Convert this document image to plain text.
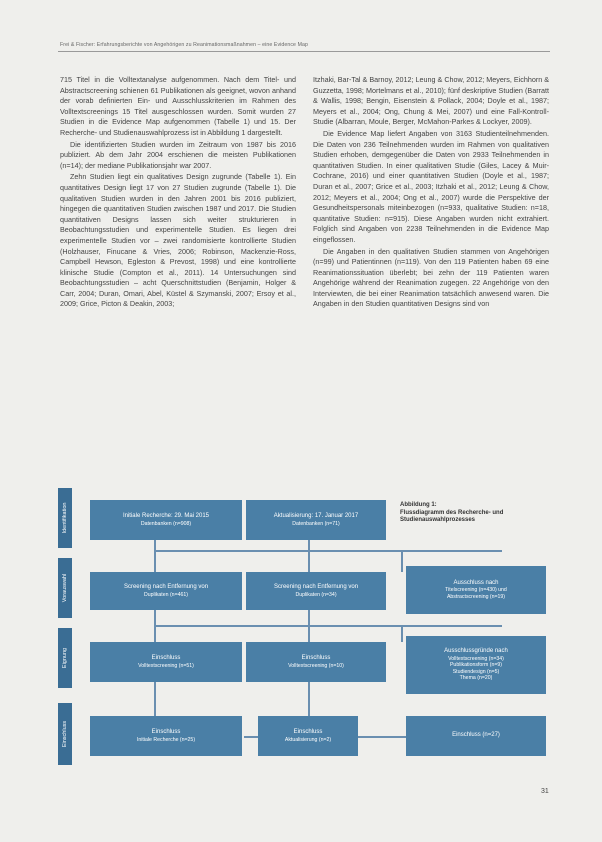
Frei & Fischer: Erfahrungsberichte von Angehörigen zu Reanimationsmaßnahmen – eine Evidence Map

715 Titel in die Volltextanalyse aufgenommen. Nach dem Titel- und Abstractscreening schienen 61 Publikationen als geeignet, wovon anhand der vorab definierten Ein- und Ausschlusskriterien im Rahmen des Volltextscreenings 15 Titel ausgeschlossen wurden. Somit wurden 27 Studien in die Evidence Map aufgenommen (Tabelle 1) und 15. Der Recherche- und Studienauswahlprozess ist in Abbildung 1 dargestellt.

Die identifizierten Studien wurden im Zeitraum von 1987 bis 2016 publiziert. Ab dem Jahr 2004 erschienen die meisten Publikationen (n=14); der mediane Publikationsjahr war 2007.

Zehn Studien liegt ein qualitatives Design zugrunde (Tabelle 1). Ein quantitatives Design liegt 17 von 27 Studien zugrunde (Tabelle 1). Die qualitativen Studien wurden in den Jahren 2001 bis 2016 publiziert, hingegen die quantitativen Studien zwischen 1987 und 2017. Die Studien quantitativen Designs lassen sich weiter strukturieren in Beobachtungsstudien und experimentelle Studien. Es liegen drei experimentelle Studien vor – zwei randomisierte kontrollierte Studien (Holzhauser, Finucane & Vries, 2006; Robinson, Mackenzie-Ross, Campbell Hewson, Egleston & Prevost, 1998) und eine kontrollierte klinische Studie (Compton et al., 2011). 14 Untersuchungen sind Beobachtungsstudien – acht Querschnittstudien (Benjamin, Holger & Carr, 2004; Duran, Omari, Abel, Küstel & Szymanski, 2007; Ersoy et al., 2009; Grice, Picton & Deakin, 2003;

Itzhaki, Bar-Tal & Barnoy, 2012; Leung & Chow, 2012; Meyers, Eichhorn & Guzzetta, 1998; Mortelmans et al., 2010); fünf deskriptive Studien (Barratt & Wallis, 1998; Bengin, Eisenstein & Pollack, 2004; Doyle et al., 1987; Meyers et al., 2004; Ong, Chung & Mei, 2007) und eine Fall-Kontroll-Studie (Albarran, Moule, Berger, McMahon-Parkes & Lockyer, 2009).

Die Evidence Map liefert Angaben von 3163 Studienteilnehmenden. Die Daten von 236 Teilnehmenden wurden im Rahmen von qualitativen Studien erhoben, demgegenüber die Daten von 2933 Teilnehmenden in quantitativen Studien. In einer qualitativen Studie (Giles, Lacey & Muir-Cochrane, 2016) und einer quantitativen Studien (Doyle et al., 1987; Duran et al., 2007; Grice et al., 2003; Itzhaki et al., 2012; Leung & Chow, 2012; Meyers et al., 2004; Ong et al., 2007) wurde die Perspektive der Gesundheitspersonals miteinbezogen (n=933, qualitative Studien: n=18, quantitative Studien: n=915). Diese Angaben wurden nicht extrahiert. Folglich sind Angaben von 2238 Teilnehmenden in die Evidence Map eingeflossen.

Die Angaben in den qualitativen Studien stammen von Angehörigen (n=99) und Patientinnen (n=119). Von den 119 Patienten haben 69 eine Reanimationssituation überlebt; bei zehn der 119 Patienten waren Angehörige während der Reanimation zugegen. 22 Angehörige von den Interviewten, die bei einer Reanimation tatsächlich anwesend waren. Die Angaben in den Studien quantitativen Designs sind von

Identifikation
Vorauswahl
Eignung
Einschluss
Initiale Recherche: 29. Mai 2015
Datenbanken (n=908)
Aktualisierung: 17. Januar 2017
Datenbanken (n=71)
Abbildung 1:
Flussdiagramm des Recherche- und Studienauswahlprozesses
Screening nach Entfernung von
Duplikaten (n=461)
Screening nach Entfernung von
Duplikaten (n=34)
Ausschluss nach
Titelscreening (n=430) und
Abstractscreening (n=19)
Einschluss
Volltextscreening (n=51)
Einschluss
Volltextscreening (n=10)
Ausschlussgründe nach
Volltextscreening (n=34)
Publikationsform (n=9)
Studiendesign (n=5)
Thema (n=20)
Einschluss
Initiale Recherche (n=25)
Einschluss
Aktualisierung (n=2)
Einschluss (n=27)
31
